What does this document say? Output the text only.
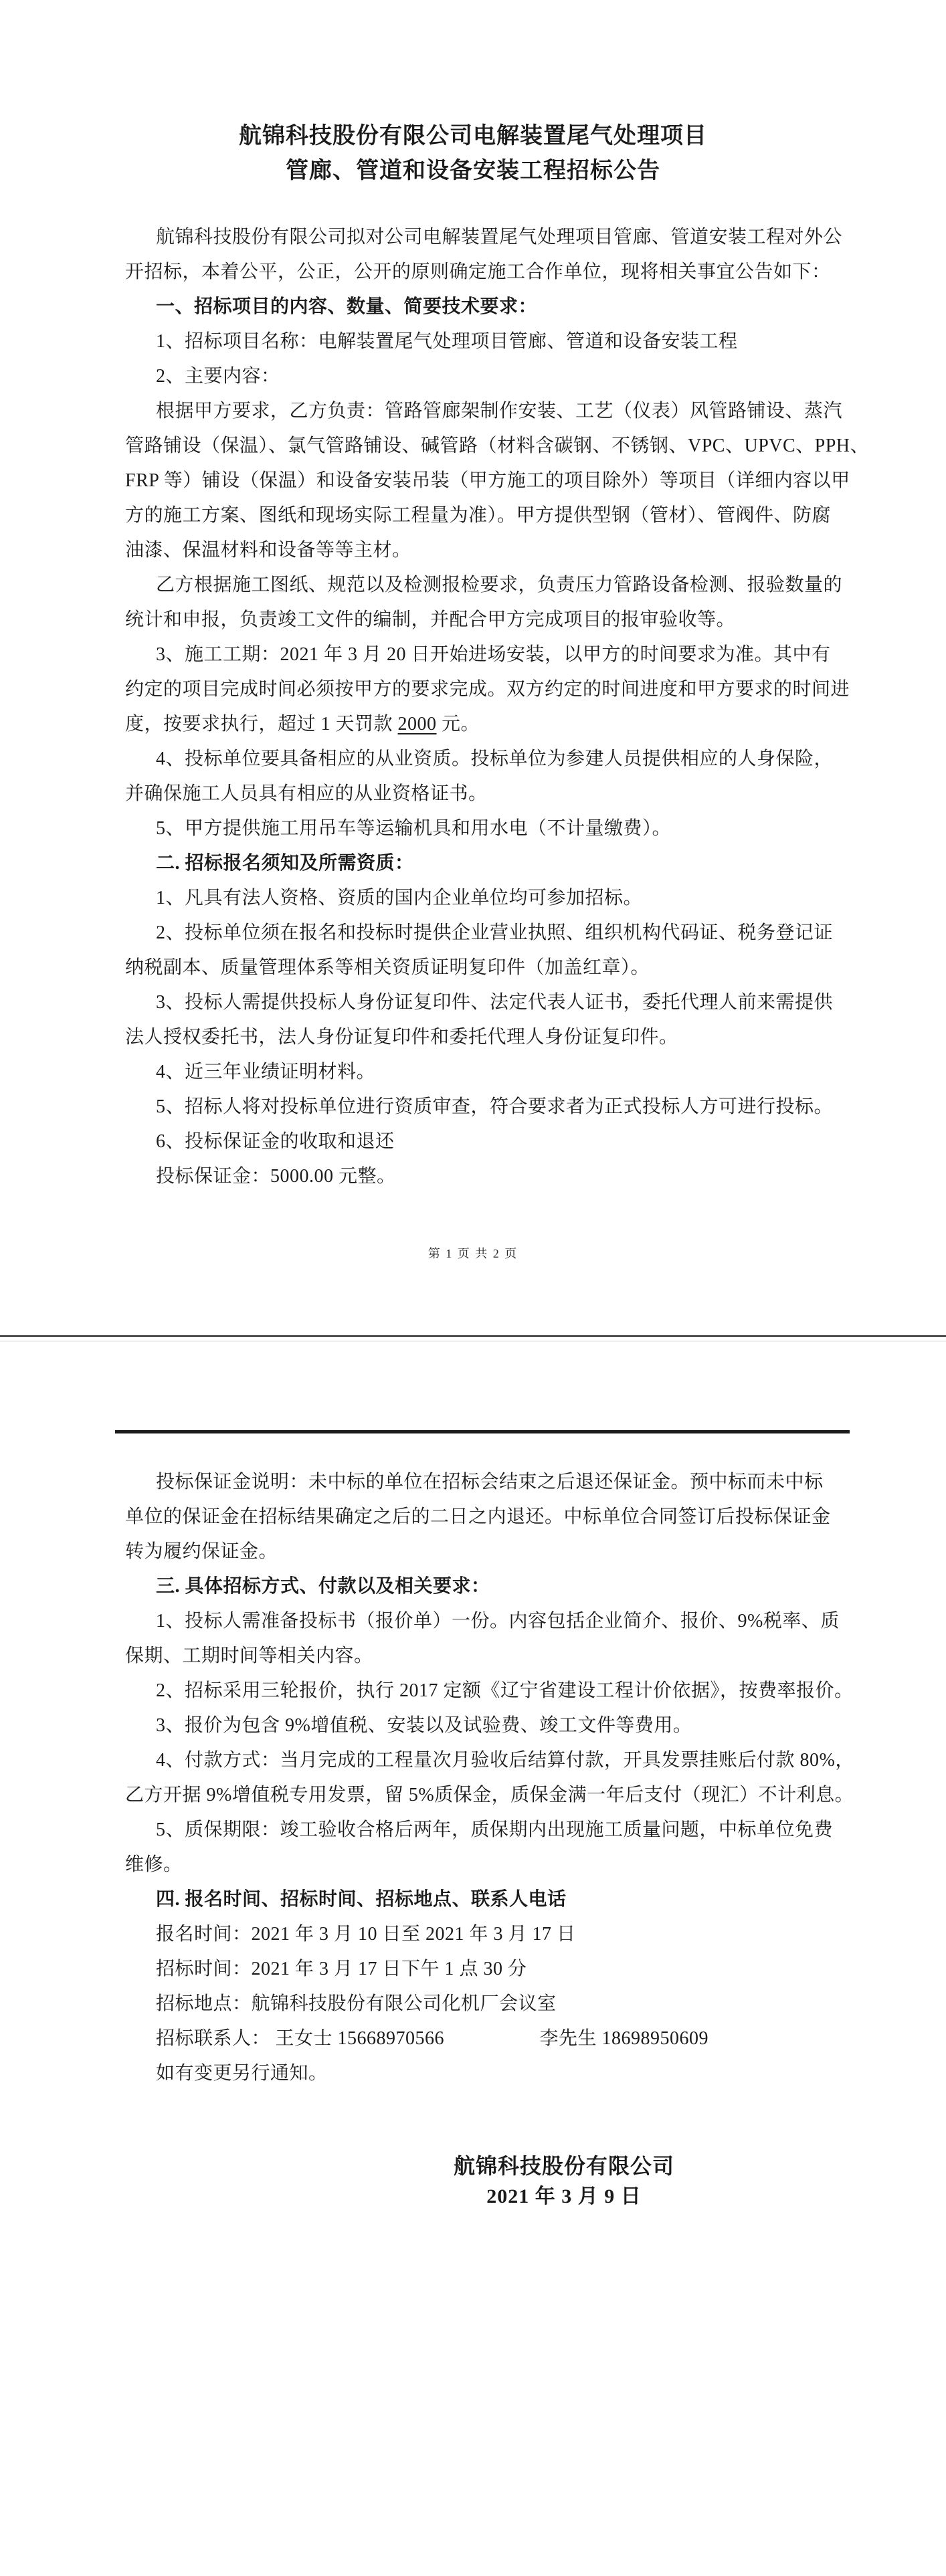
航锦科技股份有限公司电解装置尾气处理项目
管廊、管道和设备安装工程招标公告
航锦科技股份有限公司拟对公司电解装置尾气处理项目管廊、管道安装工程对外公
开招标，本着公平，公正，公开的原则确定施工合作单位，现将相关事宜公告如下：
一、招标项目的内容、数量、简要技术要求：
1、招标项目名称：电解装置尾气处理项目管廊、管道和设备安装工程
2、主要内容：
根据甲方要求，乙方负责：管路管廊架制作安装、工艺（仪表）风管路铺设、蒸汽
管路铺设（保温）、氯气管路铺设、碱管路（材料含碳钢、不锈钢、VPC、UPVC、PPH、
FRP 等）铺设（保温）和设备安装吊装（甲方施工的项目除外）等项目（详细内容以甲
方的施工方案、图纸和现场实际工程量为准）。甲方提供型钢（管材）、管阀件、防腐
油漆、保温材料和设备等等主材。
乙方根据施工图纸、规范以及检测报检要求，负责压力管路设备检测、报验数量的
统计和申报，负责竣工文件的编制，并配合甲方完成项目的报审验收等。
3、施工工期：2021 年 3 月 20 日开始进场安装，以甲方的时间要求为准。其中有
约定的项目完成时间必须按甲方的要求完成。双方约定的时间进度和甲方要求的时间进
度，按要求执行，超过 1 天罚款 2000 元。
4、投标单位要具备相应的从业资质。投标单位为参建人员提供相应的人身保险，
并确保施工人员具有相应的从业资格证书。
5、甲方提供施工用吊车等运输机具和用水电（不计量缴费）。
二. 招标报名须知及所需资质：
1、凡具有法人资格、资质的国内企业单位均可参加招标。
2、投标单位须在报名和投标时提供企业营业执照、组织机构代码证、税务登记证
纳税副本、质量管理体系等相关资质证明复印件（加盖红章）。
3、投标人需提供投标人身份证复印件、法定代表人证书，委托代理人前来需提供
法人授权委托书，法人身份证复印件和委托代理人身份证复印件。
4、近三年业绩证明材料。
5、招标人将对投标单位进行资质审查，符合要求者为正式投标人方可进行投标。
6、投标保证金的收取和退还
投标保证金：5000.00 元整。
第 1 页 共 2 页
投标保证金说明：未中标的单位在招标会结束之后退还保证金。预中标而未中标
单位的保证金在招标结果确定之后的二日之内退还。中标单位合同签订后投标保证金
转为履约保证金。
三. 具体招标方式、付款以及相关要求：
1、投标人需准备投标书（报价单）一份。内容包括企业简介、报价、9%税率、质
保期、工期时间等相关内容。
2、招标采用三轮报价，执行 2017 定额《辽宁省建设工程计价依据》，按费率报价。
3、报价为包含 9%增值税、安装以及试验费、竣工文件等费用。
4、付款方式：当月完成的工程量次月验收后结算付款，开具发票挂账后付款 80%，
乙方开据 9%增值税专用发票，留 5%质保金，质保金满一年后支付（现汇）不计利息。
5、质保期限：竣工验收合格后两年，质保期内出现施工质量问题，中标单位免费
维修。
四. 报名时间、招标时间、招标地点、联系人电话
报名时间：2021 年 3 月 10 日至 2021 年 3 月 17 日
招标时间：2021 年 3 月 17 日下午 1 点 30 分
招标地点：航锦科技股份有限公司化机厂会议室
招标联系人： 王女士 15668970566　　　　　李先生 18698950609
如有变更另行通知。
航锦科技股份有限公司
2021 年 3 月 9 日
